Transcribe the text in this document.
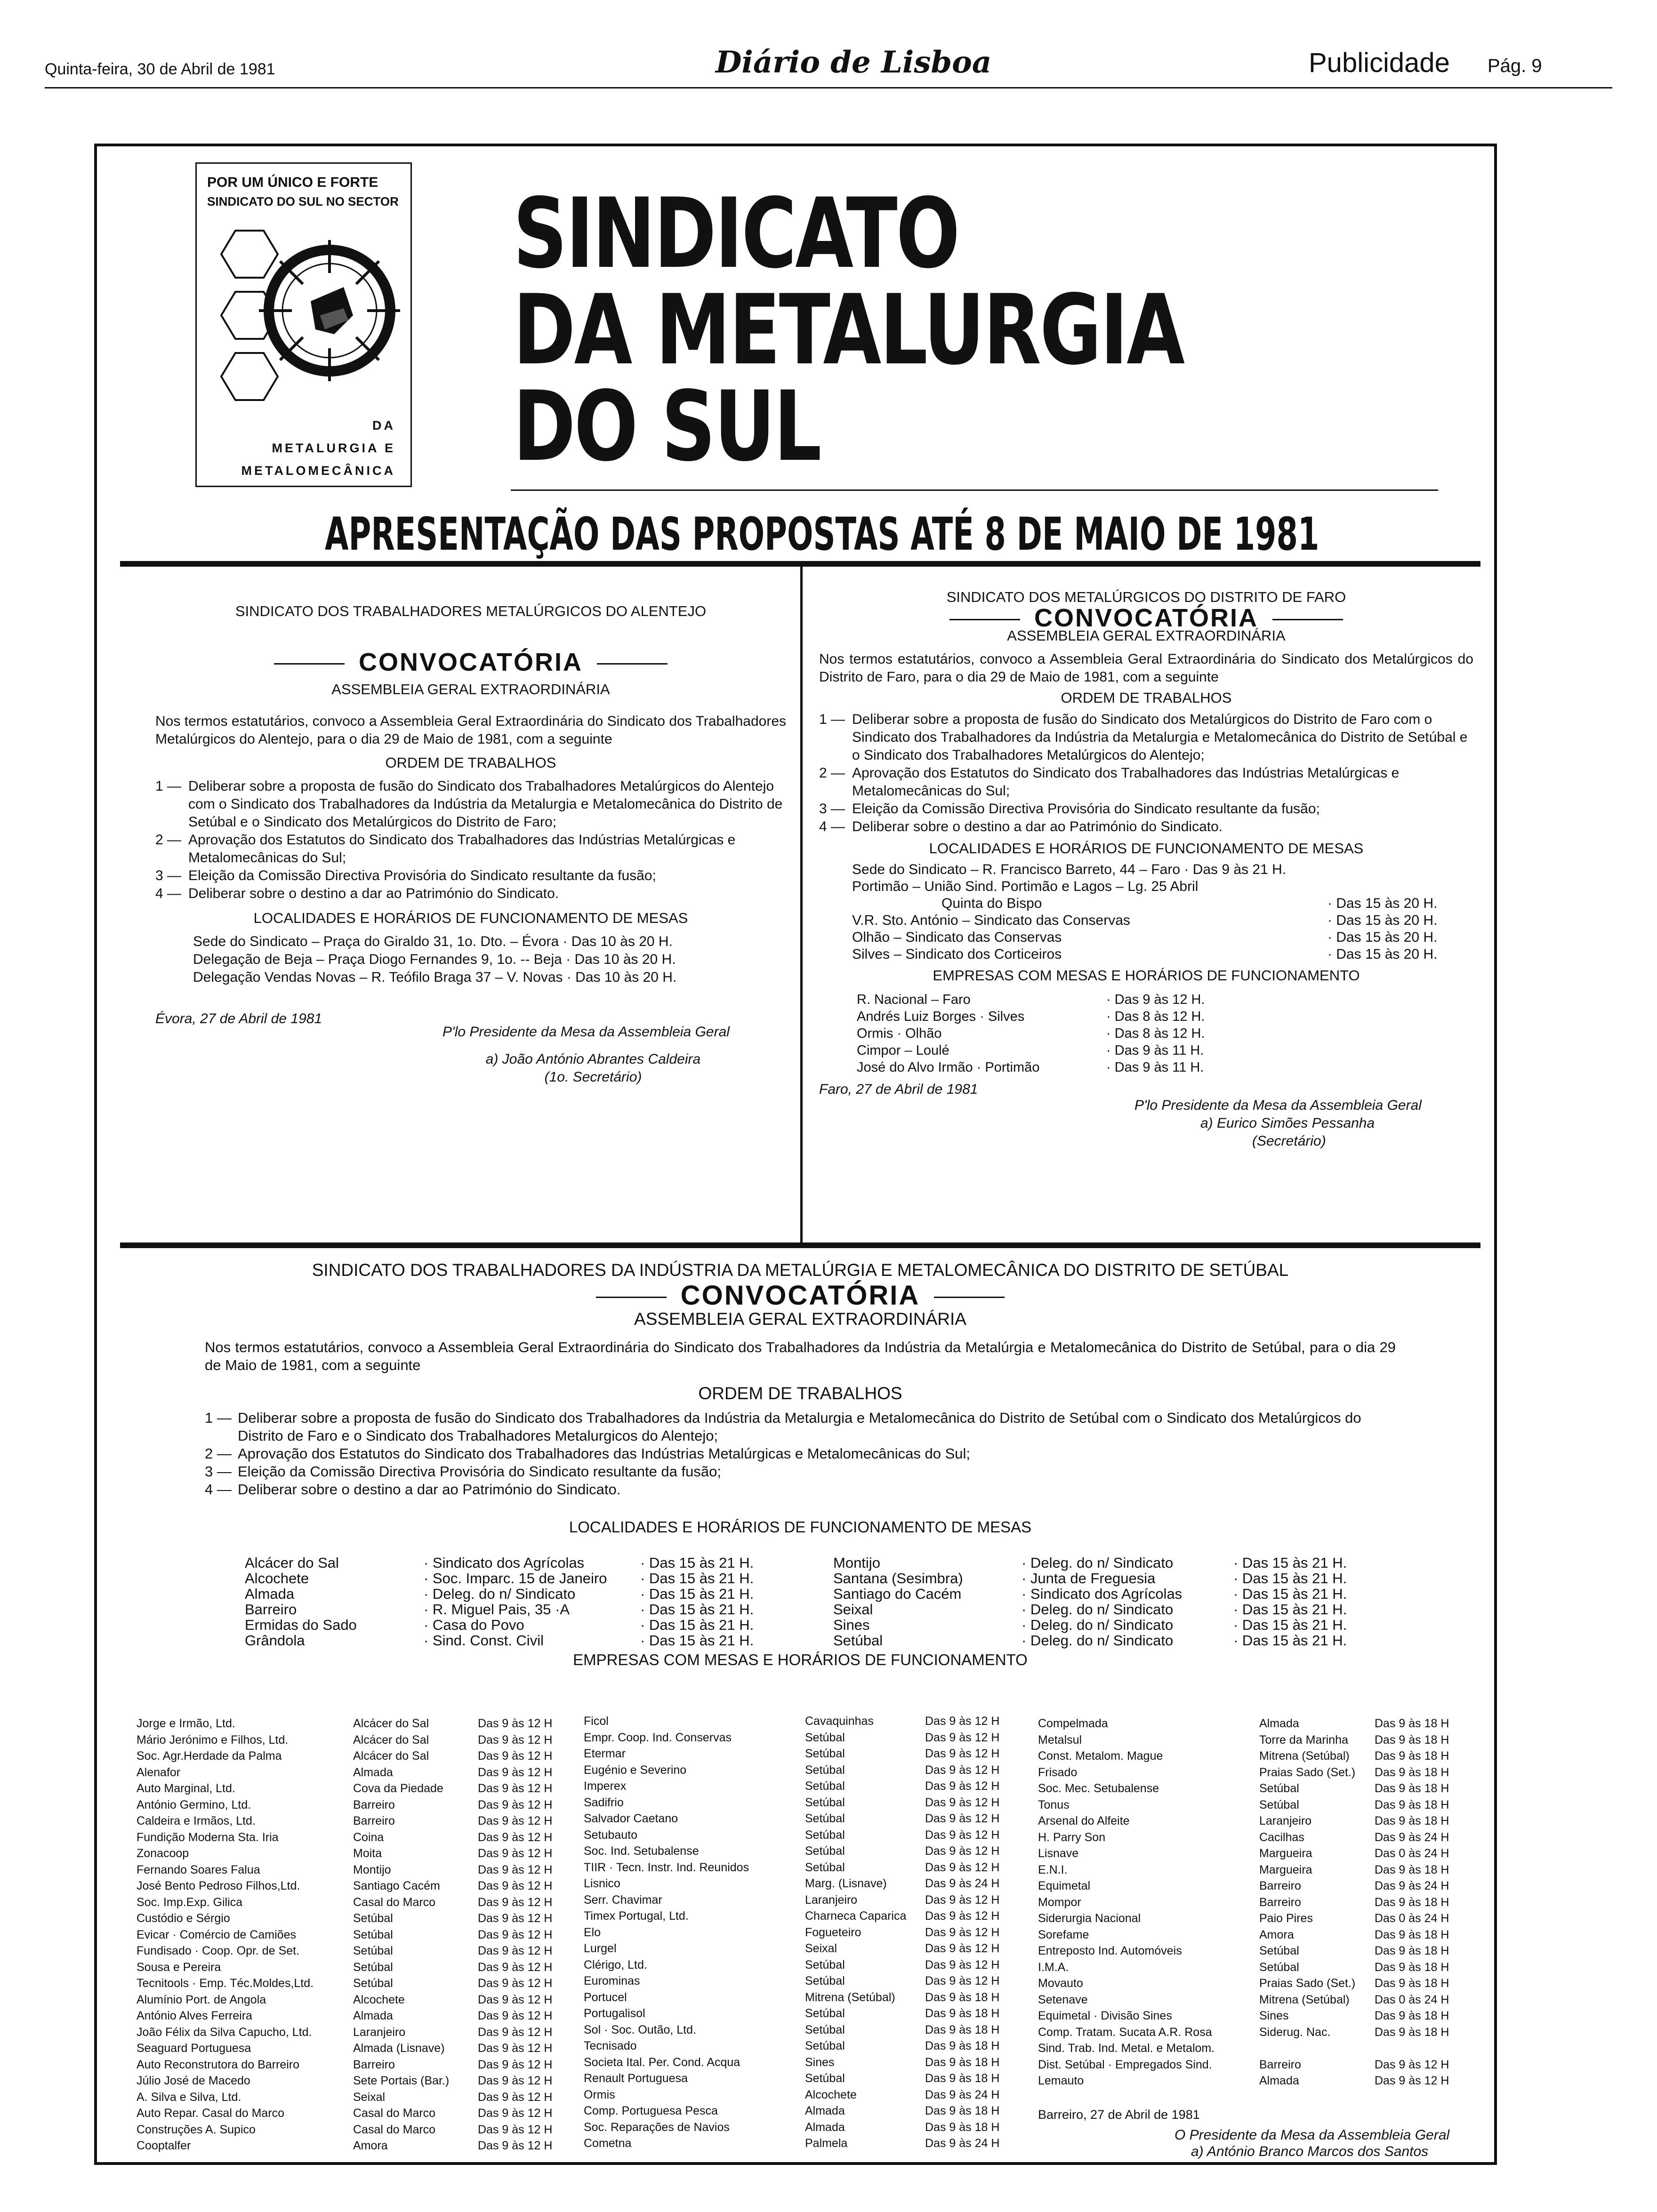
Quinta-feira, 30 de Abril de 1981	Diário de Lisboa	Publicidade Pág. 9
POR UM ÚNICO E FORTE
SINDICATO DO SUL NO SECTOR
DA
METALURGIA E
METALOMECÂNICA
SINDICATO
DA METALURGIA
DO SUL
APRESENTAÇÃO DAS PROPOSTAS ATÉ 8 DE MAIO DE 1981
SINDICATO DOS TRABALHADORES METALÚRGICOS DO ALENTEJO
CONVOCATÓRIA
ASSEMBLEIA GERAL EXTRAORDINÁRIA
Nos termos estatutários, convoco a Assembleia Geral Extraordinária do Sindicato dos Trabalhadores Metalúrgicos do Alentejo, para o dia 29 de Maio de 1981, com a seguinte
ORDEM DE TRABALHOS
1 — Deliberar sobre a proposta de fusão do Sindicato dos Trabalhadores Metalúrgicos do Alentejo com o Sindicato dos Trabalhadores da Indústria da Metalurgia e Metalomecânica do Distrito de Setúbal e o Sindicato dos Metalúrgicos do Distrito de Faro;
2 — Aprovação dos Estatutos do Sindicato dos Trabalhadores das Indústrias Metalúrgicas e Metalomecânicas do Sul;
3 — Eleição da Comissão Directiva Provisória do Sindicato resultante da fusão;
4 — Deliberar sobre o destino a dar ao Património do Sindicato.
LOCALIDADES E HORÁRIOS DE FUNCIONAMENTO DE MESAS
Sede do Sindicato – Praça do Giraldo 31, 1o. Dto. – Évora · Das 10 às 20 H.
Delegação de Beja – Praça Diogo Fernandes 9, 1o. -- Beja · Das 10 às 20 H.
Delegação Vendas Novas – R. Teófilo Braga 37 – V. Novas · Das 10 às 20 H.
Évora, 27 de Abril de 1981
P'lo Presidente da Mesa da Assembleia Geral
a) João António Abrantes Caldeira
(1o. Secretário)
SINDICATO DOS METALÚRGICOS DO DISTRITO DE FARO
CONVOCATÓRIA
ASSEMBLEIA GERAL EXTRAORDINÁRIA
Nos termos estatutários, convoco a Assembleia Geral Extraordinária do Sindicato dos Metalúrgicos do Distrito de Faro, para o dia 29 de Maio de 1981, com a seguinte
ORDEM DE TRABALHOS
1 — Deliberar sobre a proposta de fusão do Sindicato dos Metalúrgicos do Distrito de Faro com o Sindicato dos Trabalhadores da Indústria da Metalurgia e Metalomecânica do Distrito de Setúbal e o Sindicato dos Trabalhadores Metalúrgicos do Alentejo;
2 — Aprovação dos Estatutos do Sindicato dos Trabalhadores das Indústrias Metalúrgicas e Metalomecânicas do Sul;
3 — Eleição da Comissão Directiva Provisória do Sindicato resultante da fusão;
4 — Deliberar sobre o destino a dar ao Património do Sindicato.
LOCALIDADES E HORÁRIOS DE FUNCIONAMENTO DE MESAS
Sede do Sindicato – R. Francisco Barreto, 44 – Faro · Das 9 às 21 H.	
Portimão – União Sind. Portimão e Lagos – Lg. 25 Abril	
Quinta do Bispo	· Das 15 às 20 H.
V.R. Sto. António – Sindicato das Conservas	· Das 15 às 20 H.
Olhão – Sindicato das Conservas	· Das 15 às 20 H.
Silves – Sindicato dos Corticeiros	· Das 15 às 20 H.
EMPRESAS COM MESAS E HORÁRIOS DE FUNCIONAMENTO
R. Nacional – Faro	· Das 9 às 12 H.
Andrés Luiz Borges · Silves	· Das 8 às 12 H.
Ormis · Olhão	· Das 8 às 12 H.
Cimpor – Loulé	· Das 9 às 11 H.
José do Alvo Irmão · Portimão	· Das 9 às 11 H.
Faro, 27 de Abril de 1981
P'lo Presidente da Mesa da Assembleia Geral
a) Eurico Simões Pessanha
(Secretário)
SINDICATO DOS TRABALHADORES DA INDÚSTRIA DA METALÚRGIA E METALOMECÂNICA DO DISTRITO DE SETÚBAL
CONVOCATÓRIA
ASSEMBLEIA GERAL EXTRAORDINÁRIA
Nos termos estatutários, convoco a Assembleia Geral Extraordinária do Sindicato dos Trabalhadores da Indústria da Metalúrgia e Metalomecânica do Distrito de Setúbal, para o dia 29 de Maio de 1981, com a seguinte
ORDEM DE TRABALHOS
1 — Deliberar sobre a proposta de fusão do Sindicato dos Trabalhadores da Indústria da Metalurgia e Metalomecânica do Distrito de Setúbal com o Sindicato dos Metalúrgicos do Distrito de Faro e o Sindicato dos Trabalhadores Metalurgicos do Alentejo;
2 — Aprovação dos Estatutos do Sindicato dos Trabalhadores das Indústrias Metalúrgicas e Metalomecânicas do Sul;
3 — Eleição da Comissão Directiva Provisória do Sindicato resultante da fusão;
4 — Deliberar sobre o destino a dar ao Património do Sindicato.
LOCALIDADES E HORÁRIOS DE FUNCIONAMENTO DE MESAS
Alcácer do Sal	· Sindicato dos Agrícolas	· Das 15 às 21 H.
Alcochete	· Soc. Imparc. 15 de Janeiro	· Das 15 às 21 H.
Almada	· Deleg. do n/ Sindicato	· Das 15 às 21 H.
Barreiro	· R. Miguel Pais, 35 ·A	· Das 15 às 21 H.
Ermidas do Sado	· Casa do Povo	· Das 15 às 21 H.
Grândola	· Sind. Const. Civil	· Das 15 às 21 H.
Montijo	· Deleg. do n/ Sindicato	· Das 15 às 21 H.
Santana (Sesimbra)	· Junta de Freguesia	· Das 15 às 21 H.
Santiago do Cacém	· Sindicato dos Agrícolas	· Das 15 às 21 H.
Seixal	· Deleg. do n/ Sindicato	· Das 15 às 21 H.
Sines	· Deleg. do n/ Sindicato	· Das 15 às 21 H.
Setúbal	· Deleg. do n/ Sindicato	· Das 15 às 21 H.
EMPRESAS COM MESAS E HORÁRIOS DE FUNCIONAMENTO
Jorge e Irmão, Ltd.	Alcácer do Sal	Das 9 às 12 H
Mário Jerónimo e Filhos, Ltd.	Alcácer do Sal	Das 9 às 12 H
Soc. Agr.Herdade da Palma	Alcácer do Sal	Das 9 às 12 H
Alenafor	Almada	Das 9 às 12 H
Auto Marginal, Ltd.	Cova da Piedade	Das 9 às 12 H
António Germino, Ltd.	Barreiro	Das 9 às 12 H
Caldeira e Irmãos, Ltd.	Barreiro	Das 9 às 12 H
Fundição Moderna Sta. Iria	Coina	Das 9 às 12 H
Zonacoop	Moita	Das 9 às 12 H
Fernando Soares Falua	Montijo	Das 9 às 12 H
José Bento Pedroso Filhos,Ltd.	Santiago Cacém	Das 9 às 12 H
Soc. Imp.Exp. Gilica	Casal do Marco	Das 9 às 12 H
Custódio e Sérgio	Setúbal	Das 9 às 12 H
Evicar · Comércio de Camiões	Setúbal	Das 9 às 12 H
Fundisado · Coop. Opr. de Set.	Setúbal	Das 9 às 12 H
Sousa e Pereira	Setúbal	Das 9 às 12 H
Tecnitools · Emp. Téc.Moldes,Ltd.	Setúbal	Das 9 às 12 H
Alumínio Port. de Angola	Alcochete	Das 9 às 12 H
António Alves Ferreira	Almada	Das 9 às 12 H
João Félix da Silva Capucho, Ltd.	Laranjeiro	Das 9 às 12 H
Seaguard Portuguesa	Almada (Lisnave)	Das 9 às 12 H
Auto Reconstrutora do Barreiro	Barreiro	Das 9 às 12 H
Júlio José de Macedo	Sete Portais (Bar.)	Das 9 às 12 H
A. Silva e Silva, Ltd.	Seixal	Das 9 às 12 H
Auto Repar. Casal do Marco	Casal do Marco	Das 9 às 12 H
Construções A. Supico	Casal do Marco	Das 9 às 12 H
Cooptalfer	Amora	Das 9 às 12 H
Ficol	Cavaquinhas	Das 9 às 12 H
Empr. Coop. Ind. Conservas	Setúbal	Das 9 às 12 H
Etermar	Setúbal	Das 9 às 12 H
Eugénio e Severino	Setúbal	Das 9 às 12 H
Imperex	Setúbal	Das 9 às 12 H
Sadifrio	Setúbal	Das 9 às 12 H
Salvador Caetano	Setúbal	Das 9 às 12 H
Setubauto	Setúbal	Das 9 às 12 H
Soc. Ind. Setubalense	Setúbal	Das 9 às 12 H
TIIR · Tecn. Instr. Ind. Reunidos	Setúbal	Das 9 às 12 H
Lisnico	Marg. (Lisnave)	Das 9 às 24 H
Serr. Chavimar	Laranjeiro	Das 9 às 12 H
Timex Portugal, Ltd.	Charneca Caparica	Das 9 às 12 H
Elo	Fogueteiro	Das 9 às 12 H
Lurgel	Seixal	Das 9 às 12 H
Clérigo, Ltd.	Setúbal	Das 9 às 12 H
Eurominas	Setúbal	Das 9 às 12 H
Portucel	Mitrena (Setúbal)	Das 9 às 18 H
Portugalisol	Setúbal	Das 9 às 18 H
Sol · Soc. Outão, Ltd.	Setúbal	Das 9 às 18 H
Tecnisado	Setúbal	Das 9 às 18 H
Societa Ital. Per. Cond. Acqua	Sines	Das 9 às 18 H
Renault Portuguesa	Setúbal	Das 9 às 18 H
Ormis	Alcochete	Das 9 às 24 H
Comp. Portuguesa Pesca	Almada	Das 9 às 18 H
Soc. Reparações de Navios	Almada	Das 9 às 18 H
Cometna	Palmela	Das 9 às 24 H
Compelmada	Almada	Das 9 às 18 H
Metalsul	Torre da Marinha	Das 9 às 18 H
Const. Metalom. Mague	Mitrena (Setúbal)	Das 9 às 18 H
Frisado	Praias Sado (Set.)	Das 9 às 18 H
Soc. Mec. Setubalense	Setúbal	Das 9 às 18 H
Tonus	Setúbal	Das 9 às 18 H
Arsenal do Alfeite	Laranjeiro	Das 9 às 18 H
H. Parry Son	Cacilhas	Das 9 às 24 H
Lisnave	Margueira	Das 0 às 24 H
E.N.I.	Margueira	Das 9 às 18 H
Equimetal	Barreiro	Das 9 às 24 H
Mompor	Barreiro	Das 9 às 18 H
Siderurgia Nacional	Paio Pires	Das 0 às 24 H
Sorefame	Amora	Das 9 às 18 H
Entreposto Ind. Automóveis	Setúbal	Das 9 às 18 H
I.M.A.	Setúbal	Das 9 às 18 H
Movauto	Praias Sado (Set.)	Das 9 às 18 H
Setenave	Mitrena (Setúbal)	Das 0 às 24 H
Equimetal · Divisão Sines	Sines	Das 9 às 18 H
Comp. Tratam. Sucata A.R. Rosa	Siderug. Nac.	Das 9 às 18 H
Sind. Trab. Ind. Metal. e Metalom.		
Dist. Setúbal · Empregados Sind.	Barreiro	Das 9 às 12 H
Lemauto	Almada	Das 9 às 12 H
Barreiro, 27 de Abril de 1981
O Presidente da Mesa da Assembleia Geral
a) António Branco Marcos dos Santos
